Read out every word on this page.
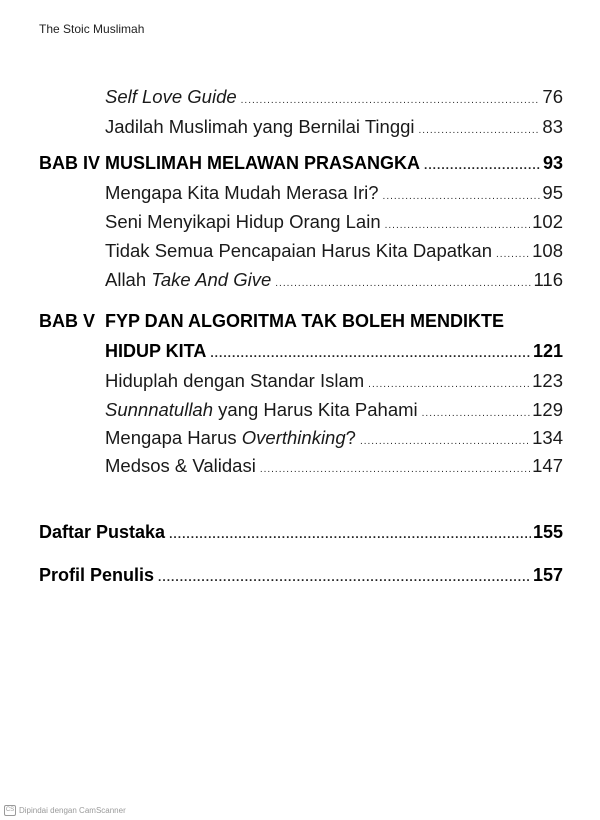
The Stoic Muslimah
Self Love Guide .....	76
Jadilah Muslimah yang Bernilai Tinggi .....	83
BAB IV MUSLIMAH MELAWAN PRASANGKA .....	93
Mengapa Kita Mudah Merasa Iri? .....	95
Seni Menyikapi Hidup Orang Lain .....	102
Tidak Semua Pencapaian Harus Kita Dapatkan ..... 108
Allah Take And Give .....	116
BAB V FYP DAN ALGORITMA TAK BOLEH MENDIKTE
HIDUP KITA .....	121
Hiduplah dengan Standar Islam .....	123
Sunnnatullah yang Harus Kita Pahami .....	129
Mengapa Harus Overthinking? .....	134
Medsos & Validasi .....	147
Daftar Pustaka .....	155
Profil Penulis .....	157
CS Dipindai dengan CamScanner
